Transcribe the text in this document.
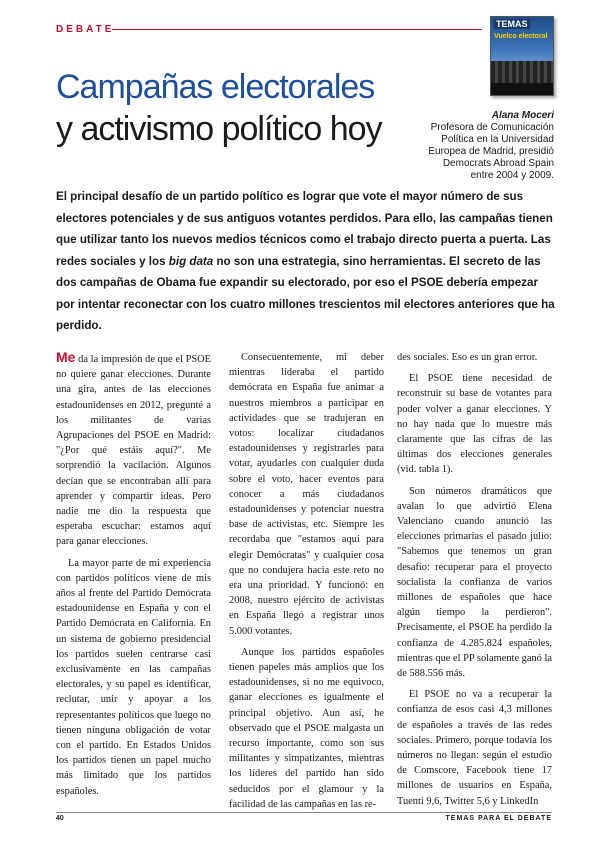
DEBATE	TEMAS
Vuelco electoral
Campañas electorales
y activismo político hoy	Alana Moceri
Profesora de Comunicación
Política en la Universidad
Europea de Madrid, presidió
Democrats Abroad Spain
entre 2004 y 2009.
El principal desafío de un partido político es lograr que vote el mayor número de sus electores potenciales y de sus antiguos votantes perdidos. Para ello, las campañas tienen que utilizar tanto los nuevos medios técnicos como el trabajo directo puerta a puerta. Las redes sociales y los big data no son una estrategia, sino herramientas. El secreto de las dos campañas de Obama fue expandir su electorado, por eso el PSOE debería empezar por intentar reconectar con los cuatro millones trescientos mil electores anteriores que ha perdido.

Me da la impresión de que el PSOE no quiere ganar elecciones. Durante una gira, antes de las elecciones estadounidenses en 2012, pregunté a los militantes de varias Agrupaciones del PSOE en Madrid: "¿Por qué estáis aquí?". Me sorprendió la vacilación. Algunos decían que se encontraban allí para aprender y compartir ideas. Pero nadie me dio la respuesta que esperaba escuchar: estamos aquí para ganar elecciones.

La mayor parte de mi experiencia con partidos políticos viene de mis años al frente del Partido Demócrata estadounidense en España y con el Partido Demócrata en California. En un sistema de gobierno presidencial los partidos suelen centrarse casi exclusivamente en las campañas electorales, y su papel es identificar, reclutar, unir y apoyar a los representantes políticos que luego no tienen ninguna obligación de votar con el partido. En Estados Unidos los partidos tienen un papel mucho más limitado que los partidos españoles.

Consecuentemente, mi deber mientras lideraba el partido demócrata en España fue animar a nuestros miembros a participar en actividades que se tradujeran en votos: localizar ciudadanos estadounidenses y registrarles para votar, ayudarles con cualquier duda sobre el voto, hacer eventos para conocer a más ciudadanos estadounidenses y potenciar nuestra base de activistas, etc. Siempre les recordaba que "estamos aquí para elegir Demócratas" y cualquier cosa que no condujera hacia este reto no era una prioridad. Y funcionó: en 2008, nuestro ejército de activistas en España llegó a registrar unos 5.000 votantes.

Aunque los partidos españoles tienen papeles más amplios que los estadounidenses, si no me equivoco, ganar elecciones es igualmente el principal objetivo. Aun así, he observado que el PSOE malgasta un recurso importante, como son sus militantes y simpatizantes, mientras los líderes del partido han sido seducidos por el glamour y la facilidad de las campañas en las re-

des sociales. Eso es un gran error.

El PSOE tiene necesidad de reconstruir su base de votantes para poder volver a ganar elecciones. Y no hay nada que lo muestre más claramente que las cifras de las últimas dos elecciones generales (vid. tabla 1).

Son números dramáticos que avalan lo que advirtió Elena Valenciano cuando anunció las elecciones primarias el pasado julio: "Sabemos que tenemos un gran desafío: recuperar para el proyecto socialista la confianza de varios millones de españoles que hace algún tiempo la perdieron". Precisamente, el PSOE ha perdido la confianza de 4.285.824 españoles, mientras que el PP solamente ganó la de 588.556 más.

El PSOE no va a recuperar la confianza de esos casi 4,3 millones de españoles a través de las redes sociales. Primero, porque todavía los números no llegan: según el estudio de Comscore, Facebook tiene 17 millones de usuarios en España, Tuenti 9,6, Twitter 5,6 y LinkedIn

40	TEMAS PARA EL DEBATE
